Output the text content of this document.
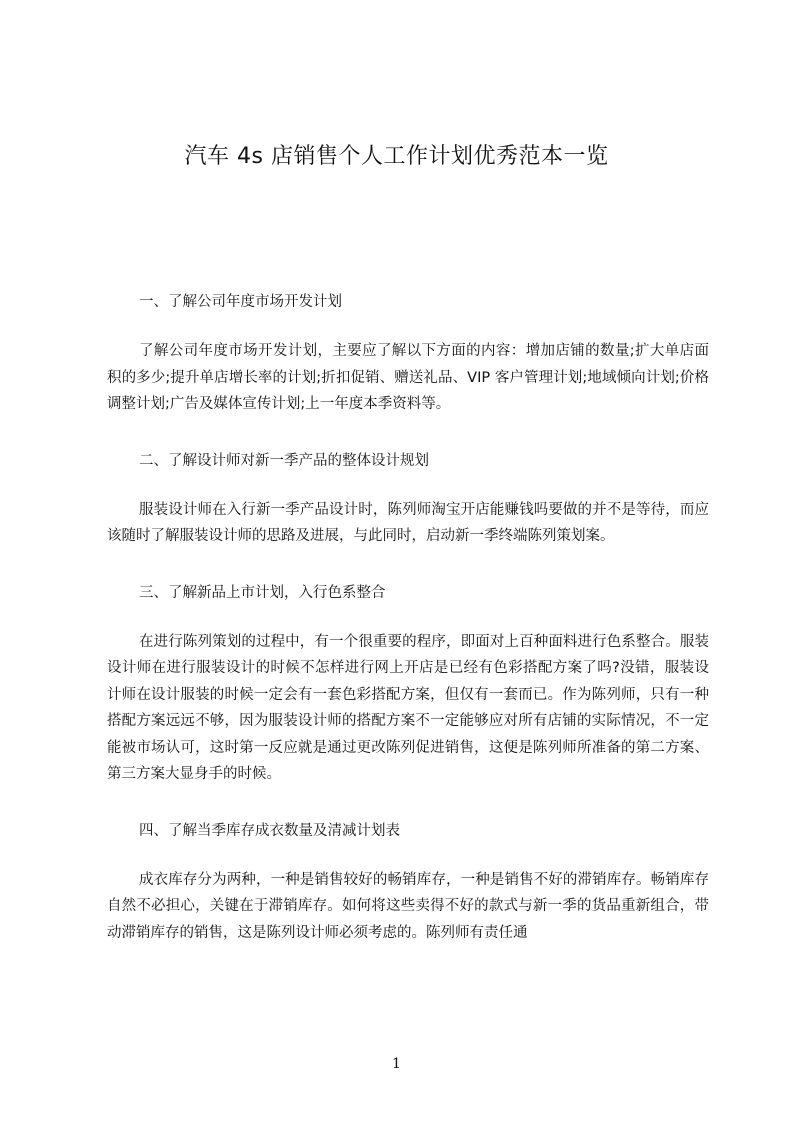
汽车 4s 店销售个人工作计划优秀范本一览
一、了解公司年度市场开发计划

了解公司年度市场开发计划，主要应了解以下方面的内容：增加店铺的数量;扩大单店面积的多少;提升单店增长率的计划;折扣促销、赠送礼品、VIP 客户管理计划;地域倾向计划;价格调整计划;广告及媒体宣传计划;上一年度本季资料等。

二、了解设计师对新一季产品的整体设计规划

服装设计师在入行新一季产品设计时，陈列师淘宝开店能赚钱吗要做的并不是等待，而应该随时了解服装设计师的思路及进展，与此同时，启动新一季终端陈列策划案。

三、了解新品上市计划，入行色系整合

在进行陈列策划的过程中，有一个很重要的程序，即面对上百种面料进行色系整合。服装设计师在进行服装设计的时候不怎样进行网上开店是已经有色彩搭配方案了吗?没错，服装设计师在设计服装的时候一定会有一套色彩搭配方案，但仅有一套而已。作为陈列师，只有一种搭配方案远远不够，因为服装设计师的搭配方案不一定能够应对所有店铺的实际情况，不一定能被市场认可，这时第一反应就是通过更改陈列促进销售，这便是陈列师所准备的第二方案、第三方案大显身手的时候。

四、了解当季库存成衣数量及清减计划表

成衣库存分为两种，一种是销售较好的畅销库存，一种是销售不好的滞销库存。畅销库存自然不必担心，关键在于滞销库存。如何将这些卖得不好的款式与新一季的货品重新组合，带动滞销库存的销售，这是陈列设计师必须考虑的。陈列师有责任通

1
